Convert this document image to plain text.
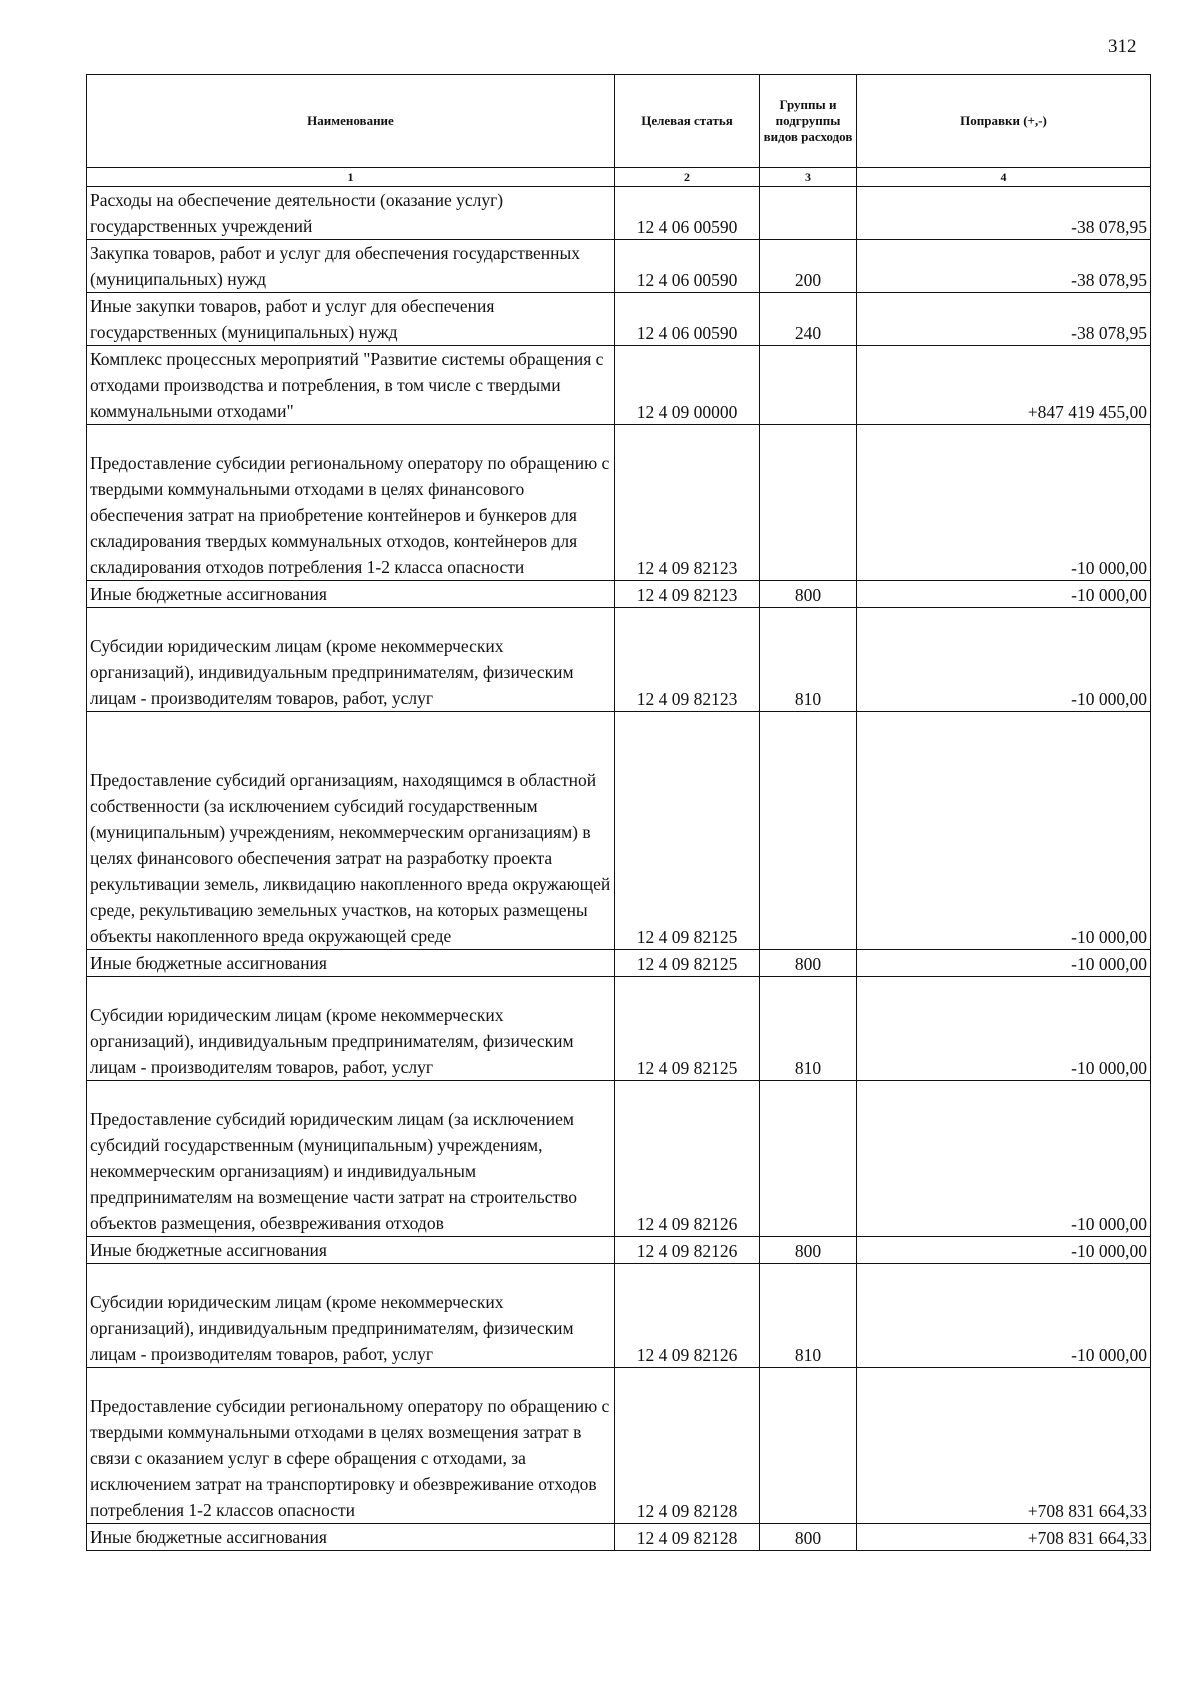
312
Наименование	Целевая статья	Группы и подгруппы видов расходов	Поправки (+,-)
1	2	3	4
Расходы на обеспечение деятельности (оказание услуг) государственных учреждений	12 4 06 00590		-38 078,95
Закупка товаров, работ и услуг для обеспечения государственных (муниципальных) нужд	12 4 06 00590	200	-38 078,95
Иные закупки товаров, работ и услуг для обеспечения государственных (муниципальных) нужд	12 4 06 00590	240	-38 078,95
Комплекс процессных мероприятий "Развитие системы обращения с отходами производства и потребления, в том числе с твердыми коммунальными отходами"	12 4 09 00000		+847 419 455,00
Предоставление субсидии региональному оператору по обращению с твердыми коммунальными отходами в целях финансового обеспечения затрат на приобретение контейнеров и бункеров для складирования твердых коммунальных отходов, контейнеров для складирования отходов потребления 1-2 класса опасности	12 4 09 82123		-10 000,00
Иные бюджетные ассигнования	12 4 09 82123	800	-10 000,00
Субсидии юридическим лицам (кроме некоммерческих организаций), индивидуальным предпринимателям, физическим лицам - производителям товаров, работ, услуг	12 4 09 82123	810	-10 000,00
Предоставление субсидий организациям, находящимся в областной собственности (за исключением субсидий государственным (муниципальным) учреждениям, некоммерческим организациям) в целях финансового обеспечения затрат на разработку проекта рекультивации земель, ликвидацию накопленного вреда окружающей среде, рекультивацию земельных участков, на которых размещены объекты накопленного вреда окружающей среде	12 4 09 82125		-10 000,00
Иные бюджетные ассигнования	12 4 09 82125	800	-10 000,00
Субсидии юридическим лицам (кроме некоммерческих организаций), индивидуальным предпринимателям, физическим лицам - производителям товаров, работ, услуг	12 4 09 82125	810	-10 000,00
Предоставление субсидий юридическим лицам (за исключением субсидий государственным (муниципальным) учреждениям, некоммерческим организациям) и индивидуальным предпринимателям на возмещение части затрат на строительство объектов размещения, обезвреживания отходов	12 4 09 82126		-10 000,00
Иные бюджетные ассигнования	12 4 09 82126	800	-10 000,00
Субсидии юридическим лицам (кроме некоммерческих организаций), индивидуальным предпринимателям, физическим лицам - производителям товаров, работ, услуг	12 4 09 82126	810	-10 000,00
Предоставление субсидии региональному оператору по обращению с твердыми коммунальными отходами в целях возмещения затрат в связи с оказанием услуг в сфере обращения с отходами, за исключением затрат на транспортировку и обезвреживание отходов потребления 1-2 классов опасности	12 4 09 82128		+708 831 664,33
Иные бюджетные ассигнования	12 4 09 82128	800	+708 831 664,33
